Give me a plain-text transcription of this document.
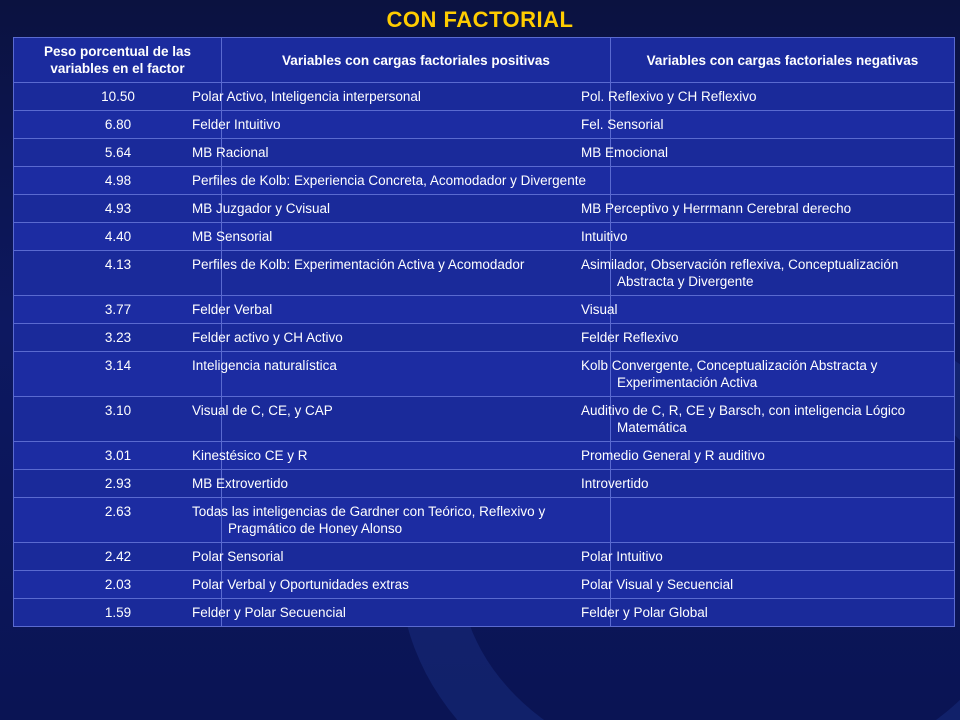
CON FACTORIAL
Peso porcentual de las variables en el factor	Variables con cargas factoriales positivas	Variables con cargas factoriales negativas
10.50	Polar Activo, Inteligencia interpersonal	Pol. Reflexivo y CH Reflexivo
6.80	Felder Intuitivo	Fel. Sensorial
5.64	MB Racional	MB Emocional
4.98	Perfiles de Kolb: Experiencia Concreta, Acomodador y Divergente	
4.93	MB Juzgador y Cvisual	MB Perceptivo y Herrmann Cerebral derecho
4.40	MB Sensorial	Intuitivo
4.13	Perfiles de Kolb: Experimentación Activa y Acomodador	Asimilador, Observación reflexiva, Conceptualización Abstracta y Divergente
3.77	Felder Verbal	Visual
3.23	Felder activo y CH Activo	Felder Reflexivo
3.14	Inteligencia naturalística	Kolb Convergente, Conceptualización Abstracta y Experimentación Activa
3.10	Visual de C, CE, y CAP	Auditivo de C, R, CE y Barsch, con inteligencia Lógico Matemática
3.01	Kinestésico CE y R	Promedio General y R auditivo
2.93	MB Extrovertido	Introvertido
2.63	Todas las inteligencias de Gardner con Teórico, Reflexivo y Pragmático de Honey Alonso	
2.42	Polar Sensorial	Polar Intuitivo
2.03	Polar Verbal y Oportunidades extras	Polar Visual y Secuencial
1.59	Felder y Polar Secuencial	Felder y Polar Global
